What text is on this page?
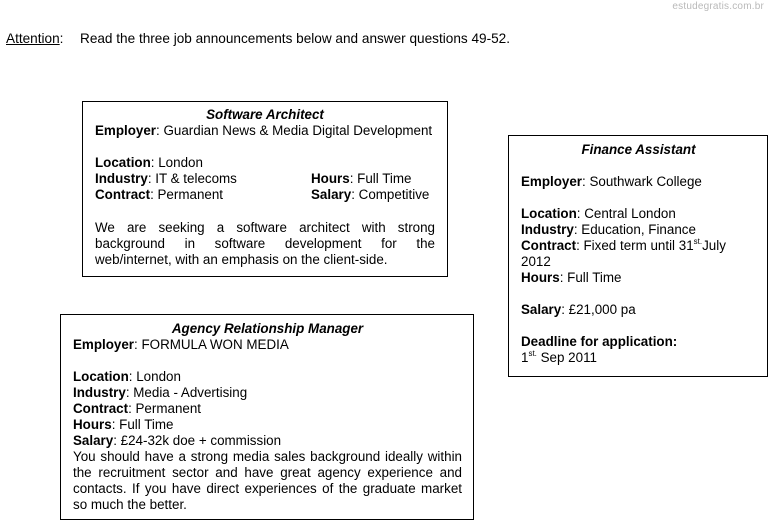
estudegratis.com.br
Attention: Read the three job announcements below and answer questions 49-52.
Software Architect
Employer: Guardian News & Media Digital Development
Location: London
Industry: IT & telecoms	Hours: Full Time
Contract: Permanent	Salary: Competitive
We are seeking a software architect with strong background in software development for the web/internet, with an emphasis on the client-side.
Finance Assistant
Employer: Southwark College
Location: Central London
Industry: Education, Finance
Contract: Fixed term until $31^{st.}July$
2012
Hours: Full Time
Salary: £21,000 pa
Deadline for application:
$1^{st.}$ Sep 2011
Agency Relationship Manager
Employer: FORMULA WON MEDIA
Location: London
Industry: Media - Advertising
Contract: Permanent
Hours: Full Time
Salary: £24-32k doe + commission
You should have a strong media sales background ideally within the recruitment sector and have great agency experience and contacts. If you have direct experiences of the graduate market so much the better.
